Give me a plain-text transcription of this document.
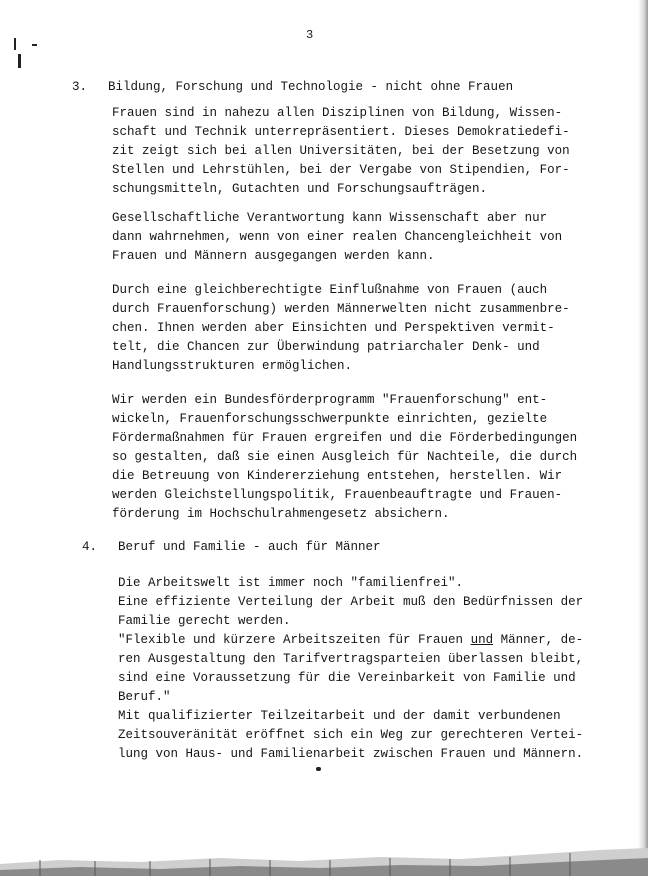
3
3. Bildung, Forschung und Technologie - nicht ohne Frauen
Frauen sind in nahezu allen Disziplinen von Bildung, Wissen-
schaft und Technik unterrepräsentiert. Dieses Demokratiedefi-
zit zeigt sich bei allen Universitäten, bei der Besetzung von
Stellen und Lehrstühlen, bei der Vergabe von Stipendien, For-
schungsmitteln, Gutachten und Forschungsaufträgen.
Gesellschaftliche Verantwortung kann Wissenschaft aber nur
dann wahrnehmen, wenn von einer realen Chancengleichheit von
Frauen und Männern ausgegangen werden kann.
Durch eine gleichberechtigte Einflußnahme von Frauen (auch
durch Frauenforschung) werden Männerwelten nicht zusammenbre-
chen. Ihnen werden aber Einsichten und Perspektiven vermit-
telt, die Chancen zur Überwindung patriarchaler Denk- und
Handlungsstrukturen ermöglichen.
Wir werden ein Bundesförderprogramm "Frauenforschung" ent-
wickeln, Frauenforschungsschwerpunkte einrichten, gezielte
Fördermaßnahmen für Frauen ergreifen und die Förderbedingungen
so gestalten, daß sie einen Ausgleich für Nachteile, die durch
die Betreuung von Kindererziehung entstehen, herstellen. Wir
werden Gleichstellungspolitik, Frauenbeauftragte und Frauen-
förderung im Hochschulrahmengesetz absichern.
4. Beruf und Familie - auch für Männer
Die Arbeitswelt ist immer noch "familienfrei".
Eine effiziente Verteilung der Arbeit muß den Bedürfnissen der
Familie gerecht werden.
"Flexible und kürzere Arbeitszeiten für Frauen und Männer, de-
ren Ausgestaltung den Tarifvertragsparteien überlassen bleibt,
sind eine Voraussetzung für die Vereinbarkeit von Familie und
Beruf."
Mit qualifizierter Teilzeitarbeit und der damit verbundenen
Zeitsouveränität eröffnet sich ein Weg zur gerechteren Vertei-
lung von Haus- und Familienarbeit zwischen Frauen und Männern.
